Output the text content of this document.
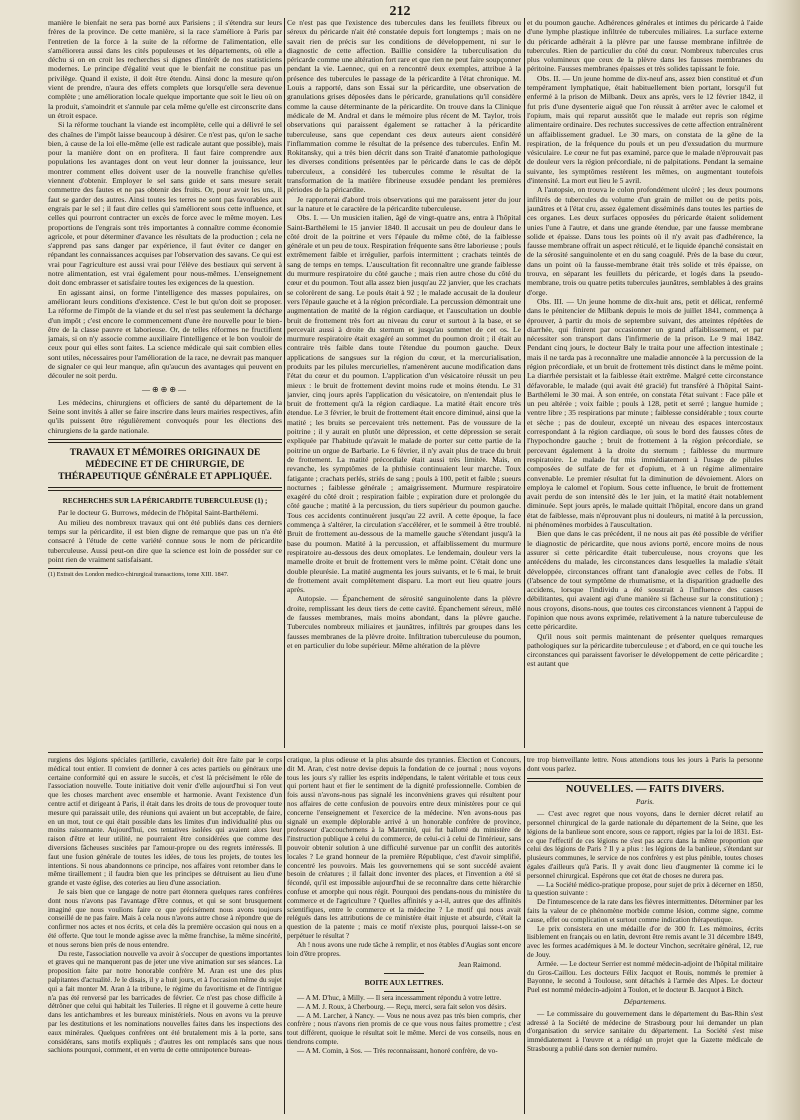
212

manière le bienfait ne sera pas borné aux Parisiens ; il s'étendra sur leurs frères de la province. De cette manière, si la race s'améliore à Paris par l'entretien de la force à la suite de la réforme de l'alimentation, elle s'améliorera aussi dans les cités populeuses et les départements, où elle a déchu si on en croit les recherches si dignes d'intérêt de nos statisticiens modernes. Le principe d'égalité veut que le bienfait ne constitue pas un privilège. Quand il existe, il doit être étendu. Ainsi donc la mesure qu'on vient de prendre, n'aura des effets complets que lorsqu'elle sera devenue complète ; une amélioration locale quelque importante que soit le lieu où on la produit, s'amoindrit et s'annule par cela même qu'elle est circonscrite dans un étroit espace.

Si la réforme touchant la viande est incomplète, celle qui a délivré le sel des chaînes de l'impôt laisse beaucoup à désirer. Ce n'est pas, qu'on le sache bien, à cause de la loi elle-même (elle est radicale autant que possible), mais pour la manière dont on en profitera. Il faut faire comprendre aux populations les avantages dont on veut leur donner la jouissance, leur montrer comment elles doivent user de la nouvelle franchise qu'elles viennent d'obtenir. Employer le sel sans guide et sans mesure serait commettre des fautes et ne pas obtenir des fruits. Or, pour avoir les uns, il faut se garder des autres. Ainsi toutes les terres ne sont pas favorables aux engrais par le sel ; il faut dire celles qui s'améliorent sous cette influence, et celles qui pourront contracter un excès de force avec le même moyen. Les proportions de l'engrais sont très importantes à connaître comme économie agricole, et pour déterminer d'avance les résultats de la production ; cela ne s'apprend pas sans danger par expérience, il faut éviter ce danger en répandant les connaissances acquises par l'observation des savans. Ce qui est vrai pour l'agriculture est aussi vrai pour l'élève des bestiaux qui servent à notre alimentation, est vrai également pour nous-mêmes. L'enseignement doit donc embrasser et satisfaire toutes les exigences de la question.

En agissant ainsi, on forme l'intelligence des masses populaires, on améliorant leurs conditions d'existence. C'est le but qu'on doit se proposer. La réforme de l'impôt de la viande et du sel n'est pas seulement la décharge d'un impôt ; c'est encore le commencement d'une ère nouvelle pour le bien-être de la classe pauvre et laborieuse. Or, de telles réformes ne fructifient jamais, si on n'y associe comme auxiliaire l'intelligence et le bon vouloir de ceux pour qui elles sont faites. La science médicale qui sait combien elles sont utiles, nécessaires pour l'amélioration de la race, ne devrait pas manquer de signaler ce qui leur manque, afin qu'aucun des avantages qui peuvent en découler ne soit perdu.

—⊕⊕⊕—

Les médecins, chirurgiens et officiers de santé du département de la Seine sont invités à aller se faire inscrire dans leurs mairies respectives, afin qu'ils puissent être régulièrement convoqués pour les élections des chirurgiens de la garde nationale.

TRAVAUX ET MÉMOIRES ORIGINAUX DE MÉDECINE ET DE CHIRURGIE, DE THÉRAPEUTIQUE GÉNÉRALE ET APPLIQUÉE.
RECHERCHES SUR LA PÉRICARDITE TUBERCULEUSE (1) ;

Par le docteur G. Burrows, médecin de l'hôpital Saint-Barthélemi.

Au milieu des nombreux travaux qui ont été publiés dans ces derniers temps sur la péricardite, il est bien digne de remarque que pas un n'a été consacré à l'étude de cette variété connue sous le nom de péricardite tuberculeuse. Aussi peut-on dire que la science est loin de posséder sur ce point rien de vraiment satisfaisant.

(1) Extrait des London medico-chirurgical transactions, tome XIII. 1847.

Ce n'est pas que l'existence des tubercules dans les feuillets fibreux ou séreux du péricarde n'ait été constatée depuis fort longtemps ; mais on ne savait rien de précis sur les conditions de développement, ni sur le diagnostic de cette affection. Baillie considère la tuberculisation du péricarde comme une altération fort rare et que rien ne peut faire soupçonner pendant la vie. Laennec, qui en a rencontré deux exemples, attribue à la présence des tubercules le passage de la péricardite à l'état chronique. M. Louis a rapporté, dans son Essai sur la péricardite, une observation de granulations grises déposées dans le péricarde, granulations qu'il considère comme la cause déterminante de la péricardite. On trouve dans la Clinique médicale de M. Andral et dans le mémoire plus récent de M. Taylor, trois observations qui paraissent également se rattacher à la péricardite tuberculeuse, sans que cependant ces deux auteurs aient considéré l'inflammation comme le résultat de la présence des tubercules. Enfin M. Rokitansky, qui a très bien décrit dans son Traité d'anatomie pathologique les diverses conditions présentées par le péricarde dans le cas de dépôt tuberculeux, a considéré les tubercules comme le résultat de la transformation de la matière fibrineuse exsudée pendant les premières périodes de la péricardite.

Je rapporterai d'abord trois observations qui me paraissent jeter du jour sur la nature et le caractère de la péricardite tuberculeuse.

Obs. I. — Un musicien italien, âgé de vingt-quatre ans, entra à l'hôpital Saint-Barthélemi le 15 janvier 1840. Il accusait un peu de douleur dans le côté droit de la poitrine et vers l'épaule du même côté, de la faiblesse générale et un peu de toux. Respiration fréquente sans être laborieuse ; pouls extrêmement faible et irrégulier, parfois intermittent ; crachats teintés de sang de temps en temps. L'auscultation fit reconnaître une grande faiblesse du murmure respiratoire du côté gauche ; mais rien autre chose du côté du cœur et du poumon. Tout alla assez bien jusqu'au 22 janvier, que les crachats se colorèrent de sang. Le pouls était à 92 ; le malade accusait de la douleur vers l'épaule gauche et à la région précordiale. La percussion démontrait une augmentation de matité de la région cardiaque, et l'auscultation un double bruit de frottement très fort au niveau du cœur et surtout à la base, et se percevait aussi à droite du sternum et jusqu'au sommet de cet os. Le murmure respiratoire était exagéré au sommet du poumon droit ; il était au contraire très faible dans toute l'étendue du poumon gauche. Deux applications de sangsues sur la région du cœur, et la mercurialisation, produits par les pilules mercurielles, n'amenèrent aucune modification dans l'état du cœur et du poumon. L'application d'un vésicatoire réussit un peu mieux : le bruit de frottement devint moins rude et moins étendu. Le 31 janvier, cinq jours après l'application du vésicatoire, on n'entendait plus le bruit de frottement qu'à la région cardiaque. La matité était encore très étendue. Le 3 février, le bruit de frottement était encore diminué, ainsi que la matité ; les bruits se percevaient très nettement. Pas de voussure de la poitrine ; il y aurait en plutôt une dépression, et cette dépression se serait expliquée par l'habitude qu'avait le malade de porter sur cette partie de la poitrine un orgue de Barbarie. Le 6 février, il n'y avait plus de trace du bruit de frottement. La matité précordiale était aussi très limitée. Mais, en revanche, les symptômes de la phthisie continuaient leur marche. Toux fatigante ; crachats perlés, striés de sang ; pouls à 100, petit et faible ; sueurs nocturnes ; faiblesse générale ; amaigrissement. Murmure respiratoire exagéré du côté droit ; respiration faible ; expiration dure et prolongée du côté gauche ; matité à la percussion, du tiers supérieur du poumon gauche. Tous ces accidents continuèrent jusqu'au 22 avril. A cette époque, la face commença à s'altérer, la circulation s'accélérer, et le sommeil à être troublé. Bruit de frottement au-dessous de la mamelle gauche s'étendant jusqu'à la base du poumon. Matité à la percussion, et affaiblissement du murmure respiratoire au-dessous des deux omoplates. Le lendemain, douleur vers la mamelle droite et bruit de frottement vers le même point. C'était donc une double pleurésie. La matité augmenta les jours suivants, et le 6 mai, le bruit de frottement avait complètement disparu. La mort eut lieu quatre jours après.

Autopsie. — Épanchement de sérosité sanguinolente dans la plèvre droite, remplissant les deux tiers de cette cavité. Épanchement séreux, mêlé de fausses membranes, mais moins abondant, dans la plèvre gauche. Tubercules nombreux miliaires et jaunâtres, infiltrés par groupes dans les fausses membranes de la plèvre droite. Infiltration tuberculeuse du poumon, et en particulier du lobe supérieur. Même altération de la plèvre

et du poumon gauche. Adhérences générales et intimes du péricarde à l'aide d'une lymphe plastique infiltrée de tubercules miliaires. La surface externe du péricarde adhérait à la plèvre par une fausse membrane infiltrée de tubercules. Rien de particulier du côté du cœur. Nombreux tubercules crus plus volumineux que ceux de la plèvre dans les fausses membranes du péritoine. Fausses membranes épaisses et très solides tapissant le foie.

Obs. II. — Un jeune homme de dix-neuf ans, assez bien constitué et d'un tempérament lymphatique, était habituellement bien portant, lorsqu'il fut enfermé à la prison de Milbank. Deux ans après, vers le 12 février 1842, il fut pris d'une dysenterie aiguë que l'on réussit à arrêter avec le calomel et l'opium, mais qui reparut aussitôt que le malade eut repris son régime alimentaire ordinaire. Des rechutes successives de cette affection entraînèrent un affaiblissement graduel. Le 30 mars, on constata de la gêne de la respiration, de la fréquence du pouls et un peu d'exsudation du murmure vésiculaire. Le cœur ne fut pas examiné, parce que le malade n'éprouvait pas de douleur vers la région précordiale, ni de palpitations. Pendant la semaine suivante, les symptômes restèrent les mêmes, on augmentant toutefois d'intensité. La mort eut lieu le 5 avril.

A l'autopsie, on trouva le colon profondément ulcéré ; les deux poumons infiltrés de tubercules du volume d'un grain de millet ou de petits pois, jaunâtres et à l'état cru, assez également disséminés dans toutes les parties de ces organes. Les deux surfaces opposées du péricarde étaient solidement unies l'une à l'autre, et dans une grande étendue, par une fausse membrane solide et épaisse. Dans tous les points où il n'y avait pas d'adhérence, la fausse membrane offrait un aspect réticulé, et le liquide épanché consistait en de la sérosité sanguinolente et en du sang coagulé. Près de la base du cœur, dans un point où la fausse-membrane était très solide et très épaisse, on trouva, en séparant les feuillets du péricarde, et logés dans la pseudo-membrane, trois ou quatre petits tubercules jaunâtres, semblables à des grains d'orge.

Obs. III. — Un jeune homme de dix-huit ans, petit et délicat, renfermé dans le pénitencier de Milbank depuis le mois de juillet 1841, commença à éprouver, à partir du mois de septembre suivant, des atteintes répétées de diarrhée, qui finirent par occasionner un grand affaiblissement, et par nécessiter son transport dans l'infirmerie de la prison. Le 9 mai 1842. Pendant cinq jours, le docteur Baly le traita pour une affection intestinale ; mais il ne tarda pas à reconnaître une maladie annoncée à la percussion de la région précordiale, et un bruit de frottement très distinct dans le même point. La diarrhée persistait et la faiblesse était extrême. Malgré cette circonstance défavorable, le malade (qui avait été gracié) fut transféré à l'hôpital Saint-Barthélemi le 30 mai. À son entrée, on constata l'état suivant : Face pâle et un peu altérée ; voix faible ; pouls à 128, petit et serré ; langue humide ; ventre libre ; 35 respirations par minute ; faiblesse considérable ; toux courte et sèche ; pas de douleur, excepté un niveau des espaces intercostaux correspondant à la région cardiaque, où sous le bord des fausses côtes de l'hypochondre gauche ; bruit de frottement à la région précordiale, se percevant également à la droite du sternum ; faiblesse du murmure respiratoire. Le malade fut mis immédiatement à l'usage de pilules composées de sulfate de fer et d'opium, et à un régime alimentaire convenable. Le premier résultat fut la diminution de dévoiement. Alors on employa le calomel et l'opium. Sous cette influence, le bruit de frottement avait perdu de son intensité dès le 1er juin, et la matité était notablement diminuée. Sept jours après, le malade quittait l'hôpital, encore dans un grand état de faiblesse, mais n'éprouvant plus ni douleurs, ni matité à la percussion, ni phénomènes morbides à l'auscultation.

Bien que dans le cas précédent, il ne nous ait pas été possible de vérifier le diagnostic de péricardite, que nous avions porté, encore moins de nous assurer si cette péricardite était tuberculeuse, nous croyons que les antécédens du malade, les circonstances dans lesquelles la maladie s'était développée, circonstances offrant tant d'analogie avec celles de l'obs. II (l'absence de tout symptôme de rhumatisme, et la disparition graduelle des accidens, lorsque l'individu a été soustrait à l'influence des causes débilitantes, qui avaient agi d'une manière si fâcheuse sur la constitution) ; nous croyons, disons-nous, que toutes ces circonstances viennent à l'appui de l'opinion que nous avons exprimée, relativement à la nature tuberculeuse de cette péricardite.

Qu'il nous soit permis maintenant de présenter quelques remarques pathologiques sur la péricardite tuberculeuse ; et d'abord, en ce qui touche les circonstances qui paraissent favoriser le développement de cette péricardite ; est autant que

rurgiens des légions spéciales (artillerie, cavalerie) doit être faite par le corps médical tout entier. Il convient de donner à ces actes partiels ou généraux une certaine conformité qui en assure le succès, et c'est là précisément le rôle de l'association nouvelle. Toute initiative doit venir d'elle aujourd'hui si l'on veut que les choses marchent avec ensemble et harmonie. Avant l'existence d'un centre actif et dirigeant à Paris, il était dans les droits de tous de provoquer toute mesure qui paraissait utile, des réunions qui avaient un but acceptable, de faire, en un mot, tout ce qui était possible dans les limites d'un individualité plus ou moins raisonnante. Aujourd'hui, ces tentatives isolées qui avaient alors leur raison d'être et leur utilité, ne pourraient être considérées que comme des diversions fâcheuses suscitées par l'amour-propre ou des regrets intéressés. Il faut une fusion générale de toutes les idées, de tous les projets, de toutes les intentions. Si nous abandonnons ce principe, nos affaires vont retomber dans le même tiraillement ; il faudra bien que les principes se détruisent au lieu d'une grande et vaste église, des coteries au lieu d'une association.

Je sais bien que ce langage de notre part étonnera quelques rares confrères dont nous n'avons pas l'avantage d'être connus, et qui se sont brusquement imaginé que nous voulions faire ce que précisément nous avons toujours conseillé de ne pas faire. Mais à cela nous n'avons autre chose à répondre que de confirmer nos actes et nos écrits, et cela dès la première occasion qui nous en a été offerte. Que tout le monde agisse avec la même franchise, la même sincérité, et nous serons bien près de nous entendre.

Du reste, l'association nouvelle va avoir à s'occuper de questions importantes et graves qui ne manqueront pas de jeter une vive animation sur ses séances. La proposition faite par notre honorable confrère M. Aran est une des plus palpitantes d'actualité. Je le disais, il y a huit jours, et à l'occasion même du sujet qui a fait monter M. Aran à la tribune, le régime du favoritisme et de l'intrigue n'a pas été renversé par les barricades de février. Ce n'est pas chose difficile à détrôner que celui qui habitait les Tuileries. Il règne et il gouverne à cette heure dans les antichambres et les bureaux ministériels. Nous en avons vu la preuve par les destitutions et les nominations nouvelles faites dans les inspections des eaux minérales. Quelques confrères ont été brutalement mis à la porte, sans considérans, sans motifs expliqués ; d'autres les ont remplacés sans que nous sachions pourquoi, comment, et en vertu de cette omnipotence bureau-

cratique, la plus odieuse et la plus absurde des tyrannies. Élection et Concours, dit M. Aran, c'est notre devise depuis la fondation de ce journal ; nous voyons tous les jours s'y rallier les esprits indépendans, le talent véritable et tous ceux qui portent haut et fier le sentiment de la dignité professionnelle. Combien de fois aussi n'avons-nous pas signalé les inconvéniens graves qui résultent pour nos affaires de cette confusion de pouvoirs entre deux ministères pour ce qui concerne l'enseignement et l'exercice de la médecine. N'en avons-nous pas signalé un exemple déplorable arrivé à un honorable confrère de province, professeur d'accouchemens à la Maternité, qui fut ballotté du ministère de l'instruction publique à celui du commerce, de celui-ci à celui de l'intérieur, sans pouvoir obtenir solution à une difficulté survenue par un conflit des autorités locales ? Le grand honneur de la première République, c'est d'avoir simplifié, concentré les pouvoirs. Mais les gouvernemens qui se sont succédé avaient besoin de créatures ; il fallait donc inventer des places, et l'invention a été si fécondé, qu'il est impossible aujourd'hui de se reconnaître dans cette hiérarchie confuse et amorphe qui nous régit. Pourquoi des pendans-nous du ministère du commerce et de l'agriculture ? Quelles affinités y a-t-il, autres que des affinités scientifiques, entre le commerce et la médecine ? Le motif qui nous avait relégués dans les attributions de ce ministère était injuste et absurde, c'était la question de la patente ; mais ce motif n'existe plus, pourquoi laisse-t-on se perpétuer le résultat ?

Ah ! nous avons une rude tâche à remplir, et nos étables d'Augias sont encore loin d'être propres.

Jean Raimond.
BOITE AUX LETTRES.

— A M. D'huc, à Milly. — Il sera incessamment répondu à votre lettre.

— A M. J. Roux, à Cherbourg. — Reçu, merci, sera fait selon vos désirs.

— A M. Larcher, à Nancy. — Vous ne nous avez pas très bien compris, cher confrère ; nous n'avons rien promis de ce que vous nous faites promettre ; c'est tout différent, quoique le résultat soit le même. Merci de vos conseils, nous en tiendrons compte.

— A M. Comin, à Sos. — Très reconnaissant, honoré confrère, de vo-

tre trop bienveillante lettre. Nous attendions tous les jours à Paris la personne dont vous parlez.

NOUVELLES. — FAITS DIVERS.
Paris.

— C'est avec regret que nous voyons, dans le dernier décret relatif au personnel chirurgical de la garde nationale du département de la Seine, que les légions de la banlieue sont encore, sous ce rapport, régies par la loi de 1831. Est-ce que l'effectif de ces légions ne s'est pas accru dans la même proportion que celui des légions de Paris ? Il y a plus : les légions de la banlieue, s'étendant sur plusieurs communes, le service de nos confrères y est plus pénible, toutes choses égales d'ailleurs qu'à Paris. Il y avait donc lieu d'augmenter là comme ici le personnel chirurgical. Espérons que cet état de choses ne durera pas.

— La Société médico-pratique propose, pour sujet de prix à décerner en 1850, la question suivante :

De l'intumescence de la rate dans les fièvres intermittentes. Déterminer par les faits la valeur de ce phénomène morbide comme lésion, comme signe, comme cause, effet ou complication et surtout comme indication thérapeutique.

Le prix consistera en une médaille d'or de 300 fr. Les mémoires, écrits lisiblement en français ou en latin, devront être remis avant le 31 décembre 1849, avec les formes académiques à M. le docteur Vinchon, secrétaire général, 12, rue de Jouy.

Armée. — Le docteur Serrier est nommé médecin-adjoint de l'hôpital militaire du Gros-Caillou. Les docteurs Félix Jacquot et Rouis, nommés le premier à Bayonne, le second à Toulouse, sont détachés à l'armée des Alpes. Le docteur Puel est nommé médecin-adjoint à Toulon, et le docteur B. Jacquot à Bitch.

Départemens.

— Le commissaire du gouvernement dans le département du Bas-Rhin s'est adressé à la Société de médecine de Strasbourg pour lui demander un plan d'organisation du service sanitaire du département. La Société s'est mise immédiatement à l'œuvre et a rédigé un projet que la Gazette médicale de Strasbourg a publié dans son dernier numéro.
